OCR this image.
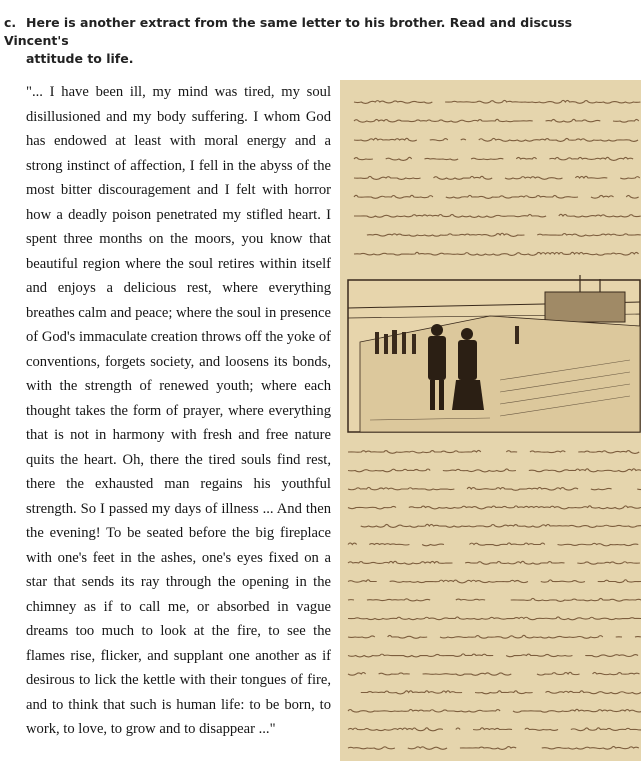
c. Here is another extract from the same letter to his brother. Read and discuss Vincent's
attitude to life.
"... I have been ill, my mind was tired, my soul disillusioned and my body suffering. I whom God has endowed at least with moral energy and a strong instinct of affection, I fell in the abyss of the most bitter discouragement and I felt with horror how a deadly poison penetrated my stifled heart. I spent three months on the moors, you know that beautiful region where the soul retires within itself and enjoys a delicious rest, where everything breathes calm and peace; where the soul in presence of God's immaculate creation throws off the yoke of conventions, forgets society, and loosens its bonds, with the strength of renewed youth; where each thought takes the form of prayer, where everything that is not in harmony with fresh and free nature quits the heart. Oh, there the tired souls find rest, there the exhausted man regains his youthful strength. So I passed my days of illness ... And then the evening! To be seated before the big fireplace with one's feet in the ashes, one's eyes fixed on a star that sends its ray through the opening in the chimney as if to call me, or absorbed in vague dreams too much to look at the fire, to see the flames rise, flicker, and supplant one another as if desirous to lick the kettle with their tongues of fire, and to think that such is human life: to be born, to work, to love, to grow and to disappear ..."
